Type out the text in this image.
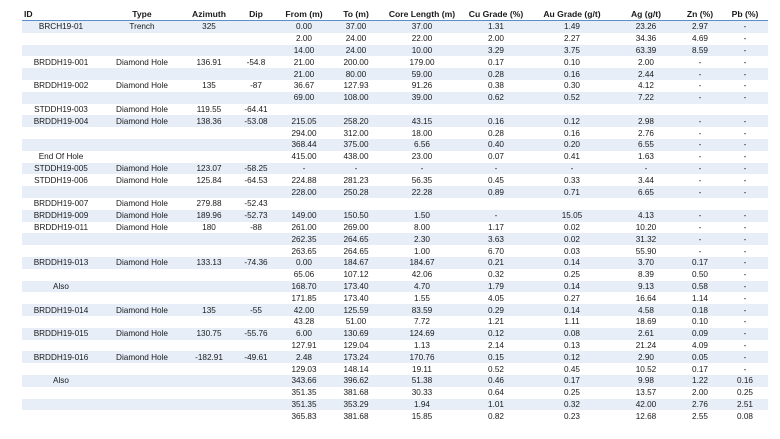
ID	Type	Azimuth	Dip	From (m)	To (m)	Core Length (m)	Cu Grade (%)	Au Grade (g/t)	Ag (g/t)	Zn (%)	Pb (%)
BRCH19-01	Trench	325		0.00	37.00	37.00	1.31	1.49	23.26	2.97	-
				2.00	24.00	22.00	2.00	2.27	34.36	4.69	-
				14.00	24.00	10.00	3.29	3.75	63.39	8.59	-
BRDDH19-001	Diamond Hole	136.91	-54.8	21.00	200.00	179.00	0.17	0.10	2.00	-	-
				21.00	80.00	59.00	0.28	0.16	2.44	-	-
BRDDH19-002	Diamond Hole	135	-87	36.67	127.93	91.26	0.38	0.30	4.12	-	-
				69.00	108.00	39.00	0.62	0.52	7.22	-	-
STDDH19-003	Diamond Hole	119.55	-64.41								
BRDDH19-004	Diamond Hole	138.36	-53.08	215.05	258.20	43.15	0.16	0.12	2.98	-	-
				294.00	312.00	18.00	0.28	0.16	2.76	-	-
				368.44	375.00	6.56	0.40	0.20	6.55	-	-
End Of Hole				415.00	438.00	23.00	0.07	0.41	1.63	-	-
STDDH19-005	Diamond Hole	123.07	-58.25	-	-	-	-	-	-	-	-
STDDH19-006	Diamond Hole	125.84	-64.53	224.88	281.23	56.35	0.45	0.33	3.44	-	-
				228.00	250.28	22.28	0.89	0.71	6.65	-	-
BRDDH19-007	Diamond Hole	279.88	-52.43								
BRDDH19-009	Diamond Hole	189.96	-52.73	149.00	150.50	1.50	-	15.05	4.13	-	-
BRDDH19-011	Diamond Hole	180	-88	261.00	269.00	8.00	1.17	0.02	10.20	-	-
				262.35	264.65	2.30	3.63	0.02	31.32	-	-
				263.65	264.65	1.00	6.70	0.03	55.90	-	-
BRDDH19-013	Diamond Hole	133.13	-74.36	0.00	184.67	184.67	0.21	0.14	3.70	0.17	-
				65.06	107.12	42.06	0.32	0.25	8.39	0.50	-
Also				168.70	173.40	4.70	1.79	0.14	9.13	0.58	-
				171.85	173.40	1.55	4.05	0.27	16.64	1.14	-
BRDDH19-014	Diamond Hole	135	-55	42.00	125.59	83.59	0.29	0.14	4.58	0.18	-
				43.28	51.00	7.72	1.21	1.11	18.69	0.10	-
BRDDH19-015	Diamond Hole	130.75	-55.76	6.00	130.69	124.69	0.12	0.08	2.61	0.09	-
				127.91	129.04	1.13	2.14	0.13	21.24	4.09	-
BRDDH19-016	Diamond Hole	-182.91	-49.61	2.48	173.24	170.76	0.15	0.12	2.90	0.05	-
				129.03	148.14	19.11	0.52	0.45	10.52	0.17	-
Also				343.66	396.62	51.38	0.46	0.17	9.98	1.22	0.16
				351.35	381.68	30.33	0.64	0.25	13.57	2.00	0.25
				351.35	353.29	1.94	1.01	0.32	42.00	2.76	2.51
				365.83	381.68	15.85	0.82	0.23	12.68	2.55	0.08
